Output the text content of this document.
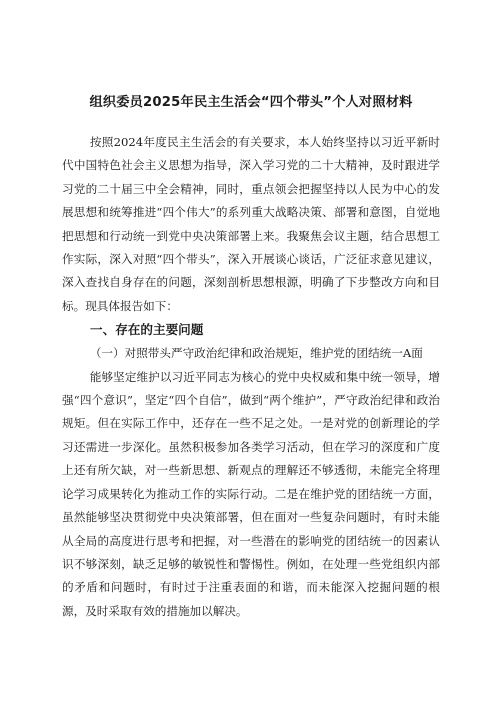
组织委员2025年民主生活会“四个带头”个人对照材料

按照2024年度民主生活会的有关要求，本人始终坚持以习近平新时代中国特色社会主义思想为指导，深入学习党的二十大精神，及时跟进学习党的二十届三中全会精神，同时，重点领会把握坚持以人民为中心的发展思想和统筹推进“四个伟大”的系列重大战略决策、部署和意图，自觉地把思想和行动统一到党中央决策部署上来。我聚焦会议主题，结合思想工作实际，深入对照“四个带头”，深入开展谈心谈话，广泛征求意见建议，深入查找自身存在的问题，深刻剖析思想根源，明确了下步整改方向和目标。现具体报告如下：

一、存在的主要问题

（一）对照带头严守政治纪律和政治规矩，维护党的团结统一A面

能够坚定维护以习近平同志为核心的党中央权威和集中统一领导，增强“四个意识”，坚定“四个自信”，做到“两个维护”，严守政治纪律和政治规矩。但在实际工作中，还存在一些不足之处。一是对党的创新理论的学习还需进一步深化。虽然积极参加各类学习活动，但在学习的深度和广度上还有所欠缺，对一些新思想、新观点的理解还不够透彻，未能完全将理论学习成果转化为推动工作的实际行动。二是在维护党的团结统一方面，虽然能够坚决贯彻党中央决策部署，但在面对一些复杂问题时，有时未能从全局的高度进行思考和把握，对一些潜在的影响党的团结统一的因素认识不够深刻，缺乏足够的敏锐性和警惕性。例如，在处理一些党组织内部的矛盾和问题时，有时过于注重表面的和谐，而未能深入挖掘问题的根源，及时采取有效的措施加以解决。
